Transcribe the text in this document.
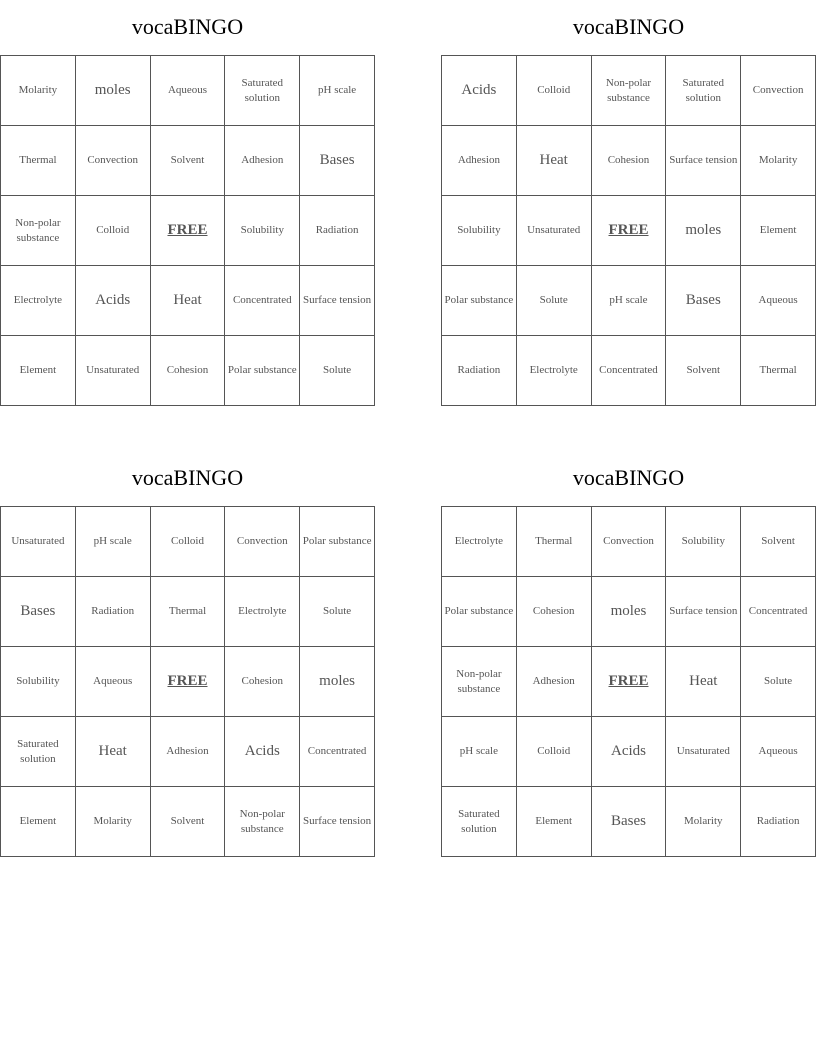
vocaBINGO
Molarity	moles	Aqueous	Saturated solution	pH scale
Thermal	Convection	Solvent	Adhesion	Bases
Non-polar substance	Colloid	FREE	Solubility	Radiation
Electrolyte	Acids	Heat	Concentrated	Surface tension
Element	Unsaturated	Cohesion	Polar substance	Solute
vocaBINGO
Acids	Colloid	Non-polar substance	Saturated solution	Convection
Adhesion	Heat	Cohesion	Surface tension	Molarity
Solubility	Unsaturated	FREE	moles	Element
Polar substance	Solute	pH scale	Bases	Aqueous
Radiation	Electrolyte	Concentrated	Solvent	Thermal
vocaBINGO
Unsaturated	pH scale	Colloid	Convection	Polar substance
Bases	Radiation	Thermal	Electrolyte	Solute
Solubility	Aqueous	FREE	Cohesion	moles
Saturated solution	Heat	Adhesion	Acids	Concentrated
Element	Molarity	Solvent	Non-polar substance	Surface tension
vocaBINGO
Electrolyte	Thermal	Convection	Solubility	Solvent
Polar substance	Cohesion	moles	Surface tension	Concentrated
Non-polar substance	Adhesion	FREE	Heat	Solute
pH scale	Colloid	Acids	Unsaturated	Aqueous
Saturated solution	Element	Bases	Molarity	Radiation
